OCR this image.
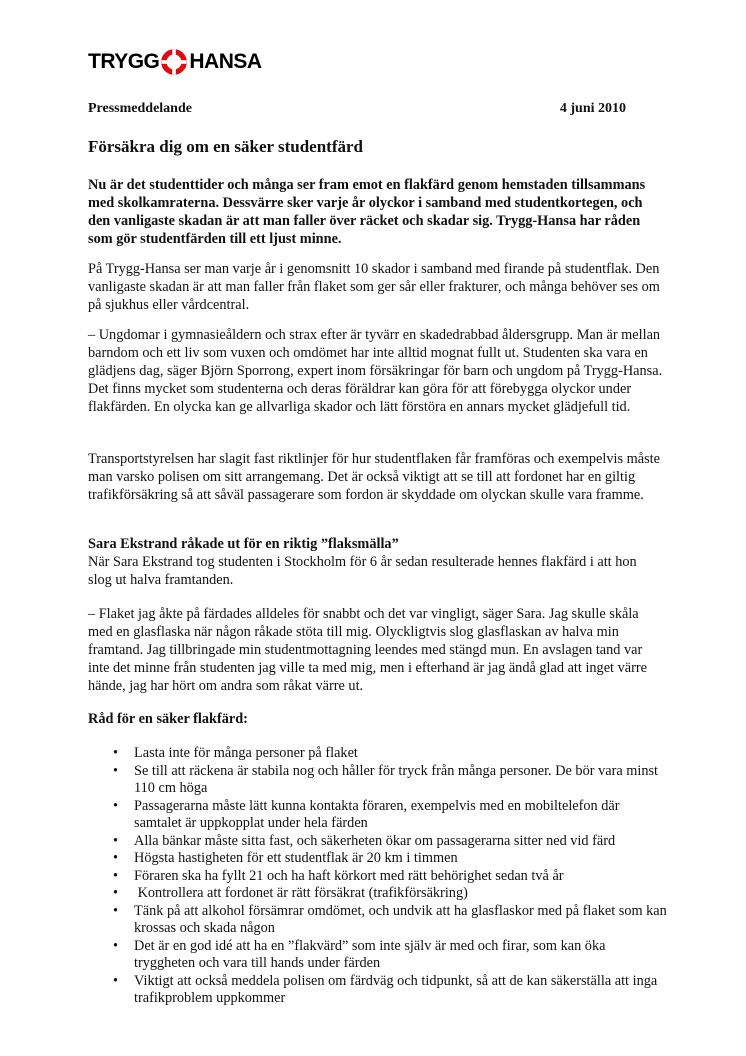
TRYGG HANSA
Pressmeddelande	4 juni 2010
Försäkra dig om en säker studentfärd

Nu är det studenttider och många ser fram emot en flakfärd genom hemstaden tillsammans med skolkamraterna. Dessvärre sker varje år olyckor i samband med studentkortegen, och den vanligaste skadan är att man faller över räcket och skadar sig. Trygg-Hansa har råden som gör studentfärden till ett ljust minne.

På Trygg-Hansa ser man varje år i genomsnitt 10 skador i samband med firande på studentflak. Den vanligaste skadan är att man faller från flaket som ger sår eller frakturer, och många behöver ses om på sjukhus eller vårdcentral.

– Ungdomar i gymnasieåldern och strax efter är tyvärr en skadedrabbad åldersgrupp. Man är mellan barndom och ett liv som vuxen och omdömet har inte alltid mognat fullt ut. Studenten ska vara en glädjens dag, säger Björn Sporrong, expert inom försäkringar för barn och ungdom på Trygg-Hansa. Det finns mycket som studenterna och deras föräldrar kan göra för att förebygga olyckor under flakfärden. En olycka kan ge allvarliga skador och lätt förstöra en annars mycket glädjefull tid.

Transportstyrelsen har slagit fast riktlinjer för hur studentflaken får framföras och exempelvis måste man varsko polisen om sitt arrangemang. Det är också viktigt att se till att fordonet har en giltig trafikförsäkring så att såväl passagerare som fordon är skyddade om olyckan skulle vara framme.

Sara Ekstrand råkade ut för en riktig ”flaksmälla”

När Sara Ekstrand tog studenten i Stockholm för 6 år sedan resulterade hennes flakfärd i att hon slog ut halva framtanden.

– Flaket jag åkte på färdades alldeles för snabbt och det var vingligt, säger Sara. Jag skulle skåla med en glasflaska när någon råkade stöta till mig. Olyckligtvis slog glasflaskan av halva min framtand. Jag tillbringade min studentmottagning leendes med stängd mun. En avslagen tand var inte det minne från studenten jag ville ta med mig, men i efterhand är jag ändå glad att inget värre hände, jag har hört om andra som råkat värre ut.

Råd för en säker flakfärd:

• Lasta inte för många personer på flaket
• Se till att räckena är stabila nog och håller för tryck från många personer. De bör vara minst 110 cm höga
• Passagerarna måste lätt kunna kontakta föraren, exempelvis med en mobiltelefon där samtalet är uppkopplat under hela färden
• Alla bänkar måste sitta fast, och säkerheten ökar om passagerarna sitter ned vid färd
• Högsta hastigheten för ett studentflak är 20 km i timmen
• Föraren ska ha fyllt 21 och ha haft körkort med rätt behörighet sedan två år
• Kontrollera att fordonet är rätt försäkrat (trafikförsäkring)
• Tänk på att alkohol försämrar omdömet, och undvik att ha glasflaskor med på flaket som kan krossas och skada någon
• Det är en god idé att ha en ”flakvärd” som inte själv är med och firar, som kan öka tryggheten och vara till hands under färden
• Viktigt att också meddela polisen om färdväg och tidpunkt, så att de kan säkerställa att inga trafikproblem uppkommer
